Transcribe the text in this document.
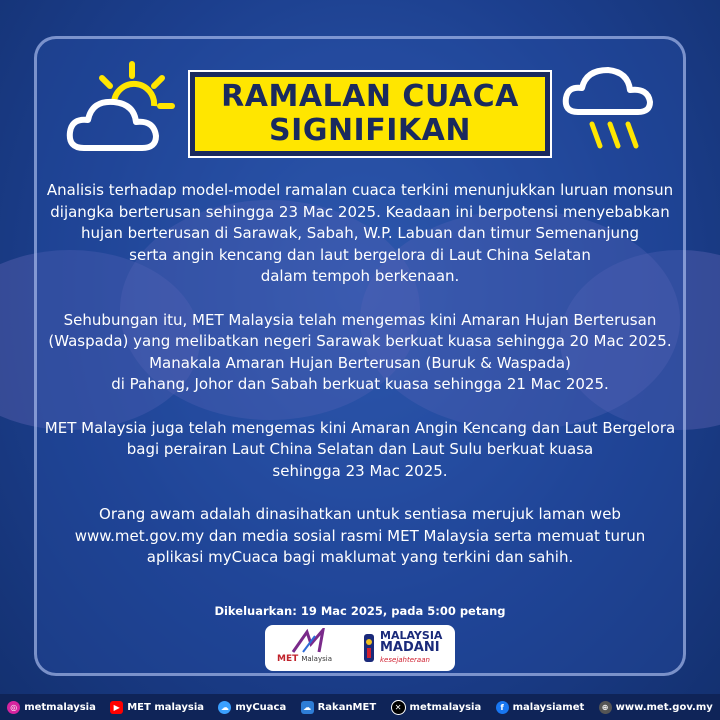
RAMALAN CUACA
SIGNIFIKAN

Analisis terhadap model-model ramalan cuaca terkini menunjukkan luruan monsun
dijangka berterusan sehingga 23 Mac 2025. Keadaan ini berpotensi menyebabkan
hujan berterusan di Sarawak, Sabah, W.P. Labuan dan timur Semenanjung
serta angin kencang dan laut bergelora di Laut China Selatan
dalam tempoh berkenaan.

Sehubungan itu, MET Malaysia telah mengemas kini Amaran Hujan Berterusan
(Waspada) yang melibatkan negeri Sarawak berkuat kuasa sehingga 20 Mac 2025.
Manakala Amaran Hujan Berterusan (Buruk & Waspada)
di Pahang, Johor dan Sabah berkuat kuasa sehingga 21 Mac 2025.

MET Malaysia juga telah mengemas kini Amaran Angin Kencang dan Laut Bergelora
bagi perairan Laut China Selatan dan Laut Sulu berkuat kuasa
sehingga 23 Mac 2025.

Orang awam adalah dinasihatkan untuk sentiasa merujuk laman web
www.met.gov.my dan media sosial rasmi MET Malaysia serta memuat turun
aplikasi myCuaca bagi maklumat yang terkini dan sahih.

Dikeluarkan: 19 Mac 2025, pada 5:00 petang
MET Malaysia
MALAYSIA
MADANI
kesejahteraan
◎ metmalaysia	▶ MET malaysia	☁ myCuaca	☁ RakanMET	✕ metmalaysia	f malaysiamet	⊕ www.met.gov.my
